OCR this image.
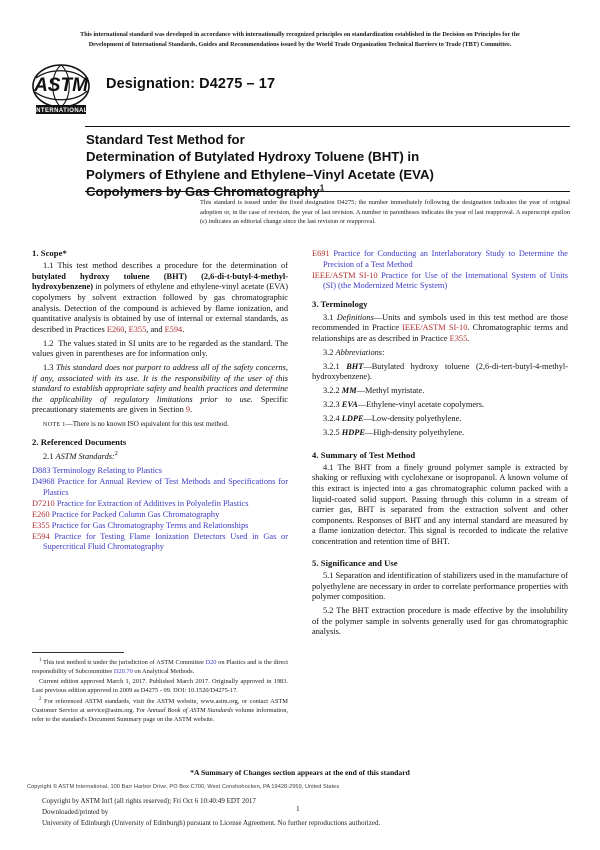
This international standard was developed in accordance with internationally recognized principles on standardization established in the Decision on Principles for the
Development of International Standards, Guides and Recommendations issued by the World Trade Organization Technical Barriers to Trade (TBT) Committee.
ASTM
INTERNATIONAL
Designation: D4275 – 17
Standard Test Method for
Determination of Butylated Hydroxy Toluene (BHT) in
Polymers of Ethylene and Ethylene–Vinyl Acetate (EVA)
Copolymers by Gas Chromatography$^1$
This standard is issued under the fixed designation D4275; the number immediately following the designation indicates the year of original adoption or, in the case of revision, the year of last revision. A number in parentheses indicates the year of last reapproval. A superscript epsilon (ε) indicates an editorial change since the last revision or reapproval.
1. Scope*

1.1 This test method describes a procedure for the determination of butylated hydroxy toluene (BHT) (2,6-di-t-butyl-4-methyl-hydroxybenzene) in polymers of ethylene and ethylene-vinyl acetate (EVA) copolymers by solvent extraction followed by gas chromatographic analysis. Detection of the compound is achieved by flame ionization, and quantitative analysis is obtained by use of internal or external standards, as described in Practices E260, E355, and E594.

1.2 The values stated in SI units are to be regarded as the standard. The values given in parentheses are for information only.

1.3 This standard does not purport to address all of the safety concerns, if any, associated with its use. It is the responsibility of the user of this standard to establish appropriate safety and health practices and determine the applicability of regulatory limitations prior to use. Specific precautionary statements are given in Section 9.

NOTE 1—There is no known ISO equivalent for this test method.

2. Referenced Documents

2.1 ASTM Standards:$^2$

D883 Terminology Relating to Plastics
D4968 Practice for Annual Review of Test Methods and Specifications for Plastics
D7210 Practice for Extraction of Additives in Polyolefin Plastics
E260 Practice for Packed Column Gas Chromatography
E355 Practice for Gas Chromatography Terms and Relationships
E594 Practice for Testing Flame Ionization Detectors Used in Gas or Supercritical Fluid Chromatography
E691 Practice for Conducting an Interlaboratory Study to Determine the Precision of a Test Method
IEEE/ASTM SI-10 Practice for Use of the International System of Units (SI) (the Modernized Metric System)
3. Terminology

3.1 Definitions—Units and symbols used in this test method are those recommended in Practice IEEE/ASTM SI-10. Chromatographic terms and relationships are as described in Practice E355.

3.2 Abbreviations:

3.2.1 BHT—Butylated hydroxy toluene (2,6-di-tert-butyl-4-methyl-hydroxybenzene).

3.2.2 MM—Methyl myristate.

3.2.3 EVA—Ethylene-vinyl acetate copolymers.

3.2.4 LDPE—Low-density polyethylene.

3.2.5 HDPE—High-density polyethylene.

4. Summary of Test Method

4.1 The BHT from a finely ground polymer sample is extracted by shaking or refluxing with cyclohexane or isopropanol. A known volume of this extract is injected into a gas chromatographic column packed with a liquid-coated solid support. Passing through this column in a stream of carrier gas, BHT is separated from the extraction solvent and other components. Responses of BHT and any internal standard are measured by a flame ionization detector. This signal is recorded to indicate the relative concentration and retention time of BHT.

5. Significance and Use

5.1 Separation and identification of stabilizers used in the manufacture of polyethylene are necessary in order to correlate performance properties with polymer composition.

5.2 The BHT extraction procedure is made effective by the insolubility of the polymer sample in solvents generally used for gas chromatographic analysis.

$^1$ This test method is under the jurisdiction of ASTM Committee D20 on Plastics and is the direct responsibility of Subcommittee D20.70 on Analytical Methods.

Current edition approved March 1, 2017. Published March 2017. Originally approved in 1983. Last previous edition approved in 2009 as D4275 - 09. DOI: 10.1520/D4275-17.

$^2$ For referenced ASTM standards, visit the ASTM website, www.astm.org, or contact ASTM Customer Service at service@astm.org. For Annual Book of ASTM Standards volume information, refer to the standard's Document Summary page on the ASTM website.

*A Summary of Changes section appears at the end of this standard
Copyright © ASTM International, 100 Barr Harbor Drive, PO Box C700, West Conshohocken, PA 19428-2959, United States
Copyright by ASTM Int'l (all rights reserved); Fri Oct 6 10:40:49 EDT 2017
Downloaded/printed by
University of Edinburgh (University of Edinburgh) pursuant to License Agreement. No further reproductions authorized.
1
